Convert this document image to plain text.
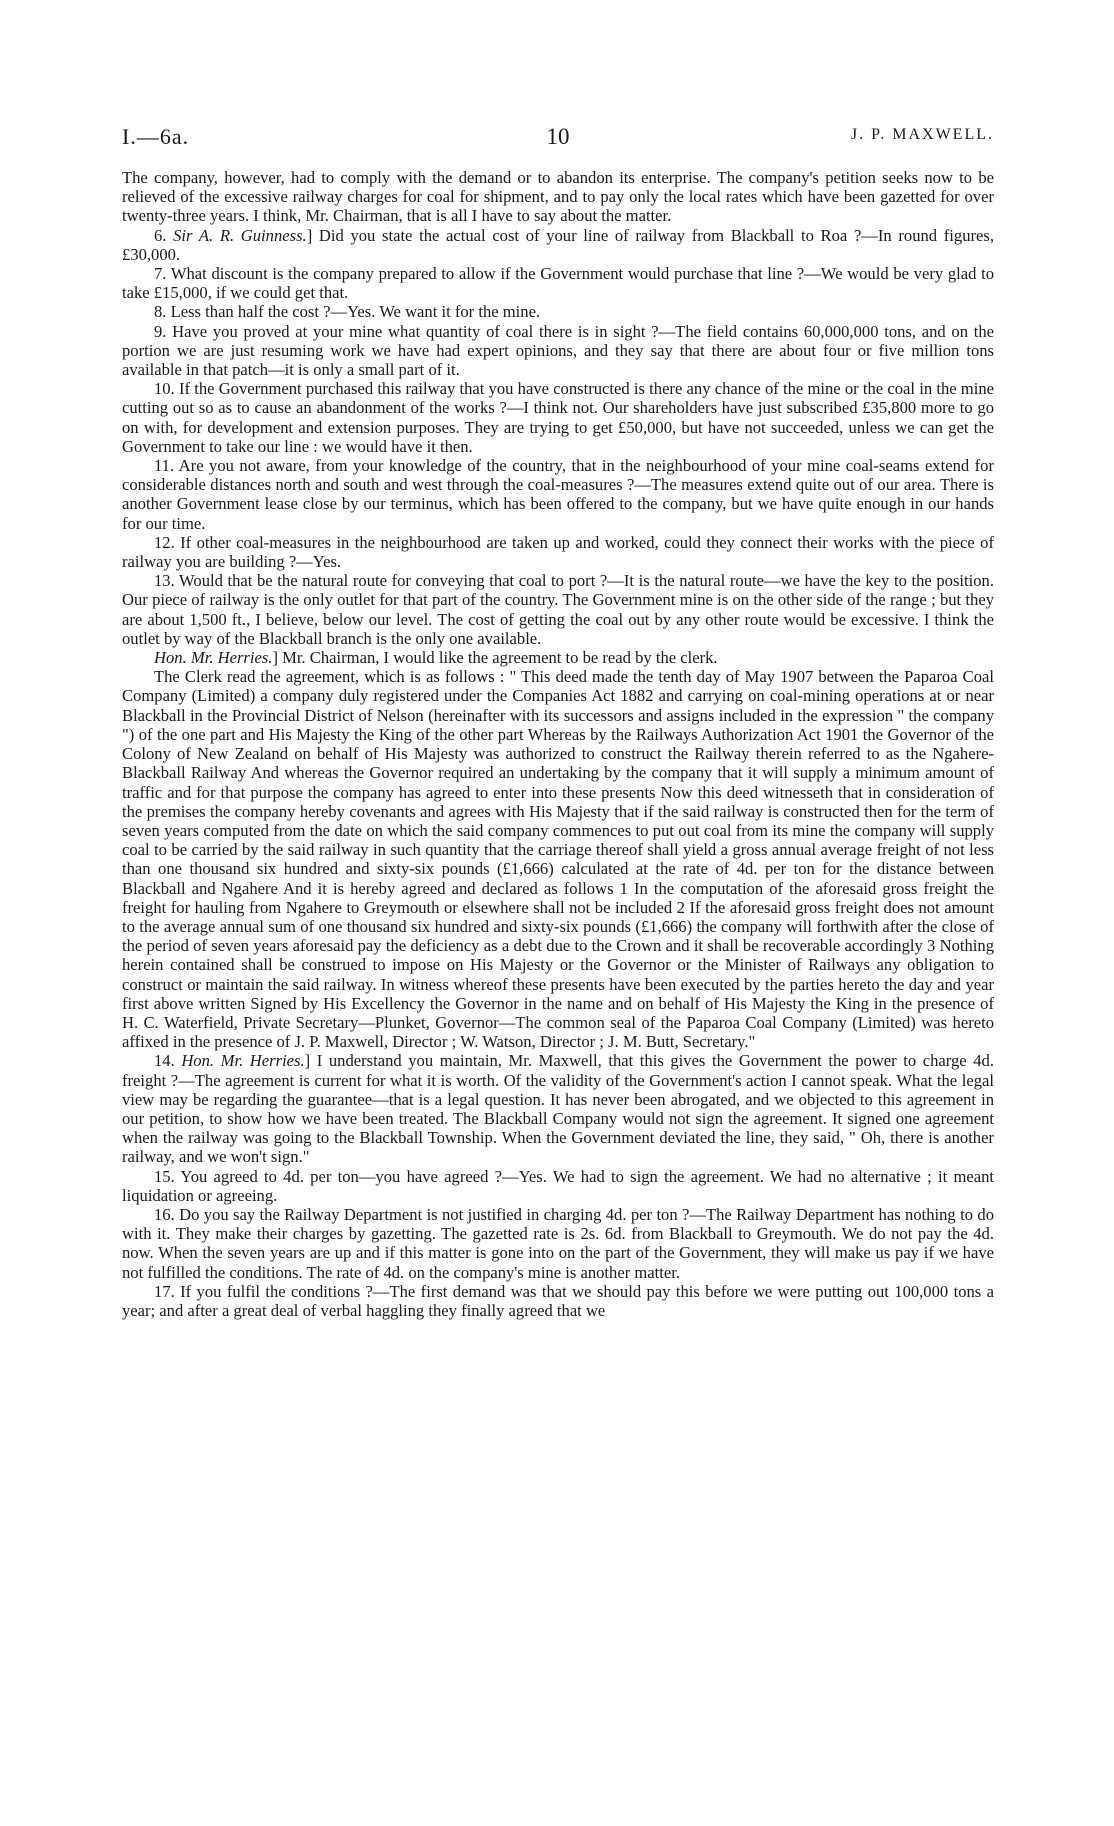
I.—6a.	10	J. P. MAXWELL.

The company, however, had to comply with the demand or to abandon its enterprise. The company's petition seeks now to be relieved of the excessive railway charges for coal for shipment, and to pay only the local rates which have been gazetted for over twenty-three years. I think, Mr. Chairman, that is all I have to say about the matter.

6. Sir A. R. Guinness.] Did you state the actual cost of your line of railway from Blackball to Roa ?—In round figures, £30,000.

7. What discount is the company prepared to allow if the Government would purchase that line ?—We would be very glad to take £15,000, if we could get that.

8. Less than half the cost ?—Yes. We want it for the mine.

9. Have you proved at your mine what quantity of coal there is in sight ?—The field contains 60,000,000 tons, and on the portion we are just resuming work we have had expert opinions, and they say that there are about four or five million tons available in that patch—it is only a small part of it.

10. If the Government purchased this railway that you have constructed is there any chance of the mine or the coal in the mine cutting out so as to cause an abandonment of the works ?—I think not. Our shareholders have just subscribed £35,800 more to go on with, for development and extension purposes. They are trying to get £50,000, but have not succeeded, unless we can get the Government to take our line : we would have it then.

11. Are you not aware, from your knowledge of the country, that in the neighbourhood of your mine coal-seams extend for considerable distances north and south and west through the coal-measures ?—The measures extend quite out of our area. There is another Government lease close by our terminus, which has been offered to the company, but we have quite enough in our hands for our time.

12. If other coal-measures in the neighbourhood are taken up and worked, could they connect their works with the piece of railway you are building ?—Yes.

13. Would that be the natural route for conveying that coal to port ?—It is the natural route—we have the key to the position. Our piece of railway is the only outlet for that part of the country. The Government mine is on the other side of the range ; but they are about 1,500 ft., I believe, below our level. The cost of getting the coal out by any other route would be excessive. I think the outlet by way of the Blackball branch is the only one available.

Hon. Mr. Herries.] Mr. Chairman, I would like the agreement to be read by the clerk.

The Clerk read the agreement, which is as follows : " This deed made the tenth day of May 1907 between the Paparoa Coal Company (Limited) a company duly registered under the Companies Act 1882 and carrying on coal-mining operations at or near Blackball in the Provincial District of Nelson (hereinafter with its successors and assigns included in the expression " the company ") of the one part and His Majesty the King of the other part Whereas by the Railways Authorization Act 1901 the Governor of the Colony of New Zealand on behalf of His Majesty was authorized to construct the Railway therein referred to as the Ngahere-Blackball Railway And whereas the Governor required an undertaking by the company that it will supply a minimum amount of traffic and for that purpose the company has agreed to enter into these presents Now this deed witnesseth that in consideration of the premises the company hereby covenants and agrees with His Majesty that if the said railway is constructed then for the term of seven years computed from the date on which the said company commences to put out coal from its mine the company will supply coal to be carried by the said railway in such quantity that the carriage thereof shall yield a gross annual average freight of not less than one thousand six hundred and sixty-six pounds (£1,666) calculated at the rate of 4d. per ton for the distance between Blackball and Ngahere And it is hereby agreed and declared as follows 1 In the computation of the aforesaid gross freight the freight for hauling from Ngahere to Greymouth or elsewhere shall not be included 2 If the aforesaid gross freight does not amount to the average annual sum of one thousand six hundred and sixty-six pounds (£1,666) the company will forthwith after the close of the period of seven years aforesaid pay the deficiency as a debt due to the Crown and it shall be recoverable accordingly 3 Nothing herein contained shall be construed to impose on His Majesty or the Governor or the Minister of Railways any obligation to construct or maintain the said railway. In witness whereof these presents have been executed by the parties hereto the day and year first above written Signed by His Excellency the Governor in the name and on behalf of His Majesty the King in the presence of H. C. Waterfield, Private Secretary—Plunket, Governor—The common seal of the Paparoa Coal Company (Limited) was hereto affixed in the presence of J. P. Maxwell, Director ; W. Watson, Director ; J. M. Butt, Secretary."

14. Hon. Mr. Herries.] I understand you maintain, Mr. Maxwell, that this gives the Government the power to charge 4d. freight ?—The agreement is current for what it is worth. Of the validity of the Government's action I cannot speak. What the legal view may be regarding the guarantee—that is a legal question. It has never been abrogated, and we objected to this agreement in our petition, to show how we have been treated. The Blackball Company would not sign the agreement. It signed one agreement when the railway was going to the Blackball Township. When the Government deviated the line, they said, " Oh, there is another railway, and we won't sign."

15. You agreed to 4d. per ton—you have agreed ?—Yes. We had to sign the agreement. We had no alternative ; it meant liquidation or agreeing.

16. Do you say the Railway Department is not justified in charging 4d. per ton ?—The Railway Department has nothing to do with it. They make their charges by gazetting. The gazetted rate is 2s. 6d. from Blackball to Greymouth. We do not pay the 4d. now. When the seven years are up and if this matter is gone into on the part of the Government, they will make us pay if we have not fulfilled the conditions. The rate of 4d. on the company's mine is another matter.

17. If you fulfil the conditions ?—The first demand was that we should pay this before we were putting out 100,000 tons a year; and after a great deal of verbal haggling they finally agreed that we
